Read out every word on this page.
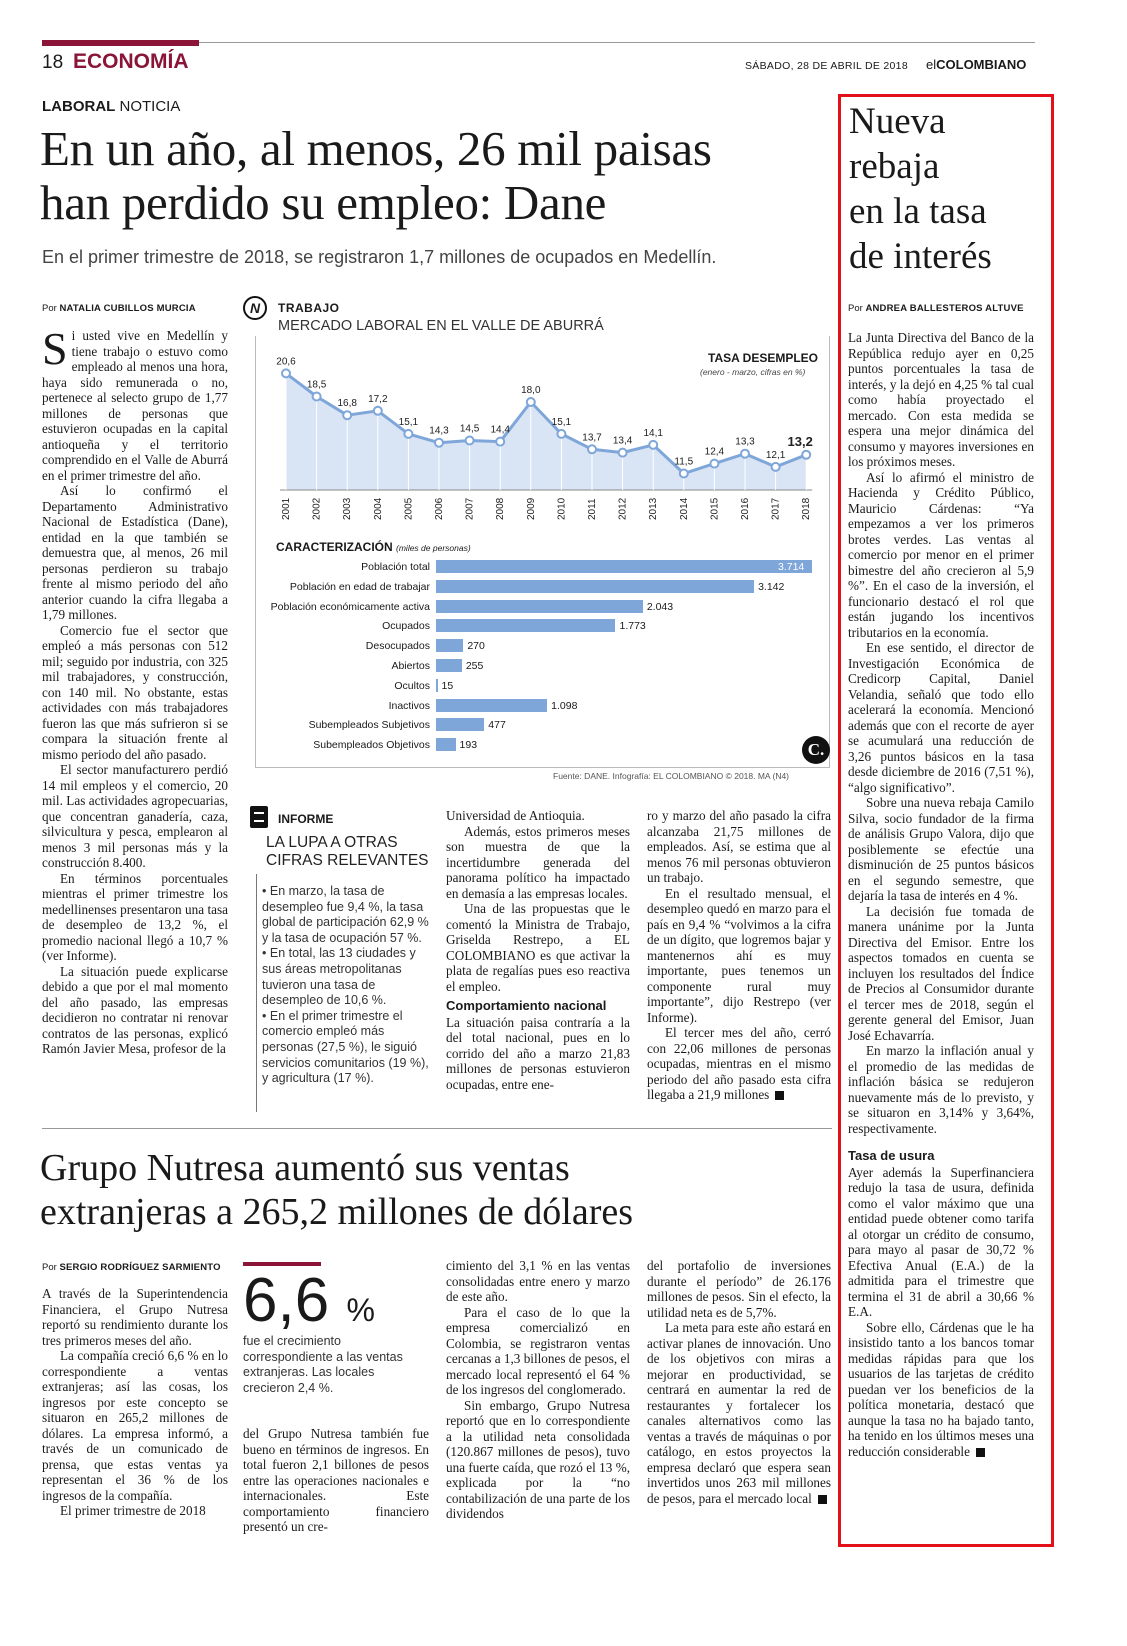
18 ECONOMÍA	SÁBADO, 28 DE ABRIL DE 2018 elCOLOMBIANO
LABORAL NOTICIA
En un año, al menos, 26 mil paisas
han perdido su empleo: Dane
En el primer trimestre de 2018, se registraron 1,7 millones de ocupados en Medellín.
Por NATALIA CUBILLOS MURCIA

Si usted vive en Medellín y tiene trabajo o estuvo como empleado al menos una hora, haya sido remunerada o no, pertenece al selecto grupo de 1,77 millones de personas que estuvieron ocupadas en la capital antioqueña y el territorio comprendido en el Valle de Aburrá en el primer trimestre del año.

Así lo confirmó el Departamento Administrativo Nacional de Estadística (Dane), entidad en la que también se demuestra que, al menos, 26 mil personas perdieron su trabajo frente al mismo periodo del año anterior cuando la cifra llegaba a 1,79 millones.

Comercio fue el sector que empleó a más personas con 512 mil; seguido por industria, con 325 mil trabajadores, y construcción, con 140 mil. No obstante, estas actividades con más trabajadores fueron las que más sufrieron si se compara la situación frente al mismo periodo del año pasado.

El sector manufacturero perdió 14 mil empleos y el comercio, 20 mil. Las actividades agropecuarias, que concentran ganadería, caza, silvicultura y pesca, emplearon al menos 3 mil personas más y la construcción 8.400.

En términos porcentuales mientras el primer trimestre los medellinenses presentaron una tasa de desempleo de 13,2 %, el promedio nacional llegó a 10,7 % (ver Informe).

La situación puede explicarse debido a que por el mal momento del año pasado, las empresas decidieron no contratar ni renovar contratos de las personas, explicó Ramón Javier Mesa, profesor de la

N	TRABAJO
MERCADO LABORAL EN EL VALLE DE ABURRÁ
20,6
2001
18,5
2002
16,8
2003
17,2
2004
15,1
2005
14,3
2006
14,5
2007
14,4
2008
18,0
2009
15,1
2010
13,7
2011
13,4
2012
14,1
2013
11,5
2014
12,4
2015
13,3
2016
12,1
2017
13,2
2018
TASA DESEMPLEO
(enero - marzo, cifras en %)
CARACTERIZACIÓN (miles de personas)
Población total	3.714
Población en edad de trabajar	3.142
Población económicamente activa	2.043
Ocupados	1.773
Desocupados	270
Abiertos	255
Ocultos 15
Inactivos	1.098
Subempleados Subjetivos	477
Subempleados Objetivos	193	C.
Fuente: DANE. Infografía: EL COLOMBIANO © 2018. MA (N4)
INFORME
LA LUPA A OTRAS
CIFRAS RELEVANTES
• En marzo, la tasa de desempleo fue 9,4 %, la tasa global de participación 62,9 % y la tasa de ocupación 57 %.
• En total, las 13 ciudades y sus áreas metropolitanas tuvieron una tasa de desempleo de 10,6 %.
• En el primer trimestre el comercio empleó más personas (27,5 %), le siguió servicios comunitarios (19 %), y agricultura (17 %).

Universidad de Antioquia.

Además, estos primeros meses son muestra de que la incertidumbre generada del panorama político ha impactado en demasía a las empresas locales.

Una de las propuestas que le comentó la Ministra de Trabajo, Griselda Restrepo, a EL COLOMBIANO es que activar la plata de regalías pues eso reactiva el empleo.

Comportamiento nacional

La situación paisa contraría a la del total nacional, pues en lo corrido del año a marzo 21,83 millones de personas estuvieron ocupadas, entre ene-

ro y marzo del año pasado la cifra alcanzaba 21,75 millones de empleados. Así, se estima que al menos 76 mil personas obtuvieron un trabajo.

En el resultado mensual, el desempleo quedó en marzo para el país en 9,4 % “volvimos a la cifra de un dígito, que logremos bajar y mantenernos ahí es muy importante, pues tenemos un componente rural muy importante”, dijo Restrepo (ver Informe).

El tercer mes del año, cerró con 22,06 millones de personas ocupadas, mientras en el mismo periodo del año pasado esta cifra llegaba a 21,9 millones

Grupo Nutresa aumentó sus ventas
extranjeras a 265,2 millones de dólares
Por SERGIO RODRÍGUEZ SARMIENTO

A través de la Superintendencia Financiera, el Grupo Nutresa reportó su rendimiento durante los tres primeros meses del año.

La compañía creció 6,6 % en lo correspondiente a ventas extranjeras; así las cosas, los ingresos por este concepto se situaron en 265,2 millones de dólares. La empresa informó, a través de un comunicado de prensa, que estas ventas ya representan el 36 % de los ingresos de la compañía.

El primer trimestre de 2018

6,6 %
fue el crecimiento correspondiente a las ventas extranjeras. Las locales crecieron 2,4 %.

del Grupo Nutresa también fue bueno en términos de ingresos. En total fueron 2,1 billones de pesos entre las operaciones nacionales e internacionales. Este comportamiento financiero presentó un cre-

cimiento del 3,1 % en las ventas consolidadas entre enero y marzo de este año.

Para el caso de lo que la empresa comercializó en Colombia, se registraron ventas cercanas a 1,3 billones de pesos, el mercado local representó el 64 % de los ingresos del conglomerado.

Sin embargo, Grupo Nutresa reportó que en lo correspondiente a la utilidad neta consolidada (120.867 millones de pesos), tuvo una fuerte caída, que rozó el 13 %, explicada por la “no contabilización de una parte de los dividendos

del portafolio de inversiones durante el período” de 26.176 millones de pesos. Sin el efecto, la utilidad neta es de 5,7%.

La meta para este año estará en activar planes de innovación. Uno de los objetivos con miras a mejorar en productividad, se centrará en aumentar la red de restaurantes y fortalecer los canales alternativos como las ventas a través de máquinas o por catálogo, en estos proyectos la empresa declaró que espera sean invertidos unos 263 mil millones de pesos, para el mercado local

Nueva
rebaja
en la tasa
de interés
Por ANDREA BALLESTEROS ALTUVE

La Junta Directiva del Banco de la República redujo ayer en 0,25 puntos porcentuales la tasa de interés, y la dejó en 4,25 % tal cual como había proyectado el mercado. Con esta medida se espera una mejor dinámica del consumo y mayores inversiones en los próximos meses.

Así lo afirmó el ministro de Hacienda y Crédito Público, Mauricio Cárdenas: “Ya empezamos a ver los primeros brotes verdes. Las ventas al comercio por menor en el primer bimestre del año crecieron al 5,9 %”. En el caso de la inversión, el funcionario destacó el rol que están jugando los incentivos tributarios en la economía.

En ese sentido, el director de Investigación Económica de Credicorp Capital, Daniel Velandia, señaló que todo ello acelerará la economía. Mencionó además que con el recorte de ayer se acumulará una reducción de 3,26 puntos básicos en la tasa desde diciembre de 2016 (7,51 %), “algo significativo”.

Sobre una nueva rebaja Camilo Silva, socio fundador de la firma de análisis Grupo Valora, dijo que posiblemente se efectúe una disminución de 25 puntos básicos en el segundo semestre, que dejaría la tasa de interés en 4 %.

La decisión fue tomada de manera unánime por la Junta Directiva del Emisor. Entre los aspectos tomados en cuenta se incluyen los resultados del Índice de Precios al Consumidor durante el tercer mes de 2018, según el gerente general del Emisor, Juan José Echavarría.

En marzo la inflación anual y el promedio de las medidas de inflación básica se redujeron nuevamente más de lo previsto, y se situaron en 3,14% y 3,64%, respectivamente.

Tasa de usura

Ayer además la Superfinanciera redujo la tasa de usura, definida como el valor máximo que una entidad puede obtener como tarifa al otorgar un crédito de consumo, para mayo al pasar de 30,72 % Efectiva Anual (E.A.) de la admitida para el trimestre que termina el 31 de abril a 30,66 % E.A.

Sobre ello, Cárdenas que le ha insistido tanto a los bancos tomar medidas rápidas para que los usuarios de las tarjetas de crédito puedan ver los beneficios de la política monetaria, destacó que aunque la tasa no ha bajado tanto, ha tenido en los últimos meses una reducción considerable
